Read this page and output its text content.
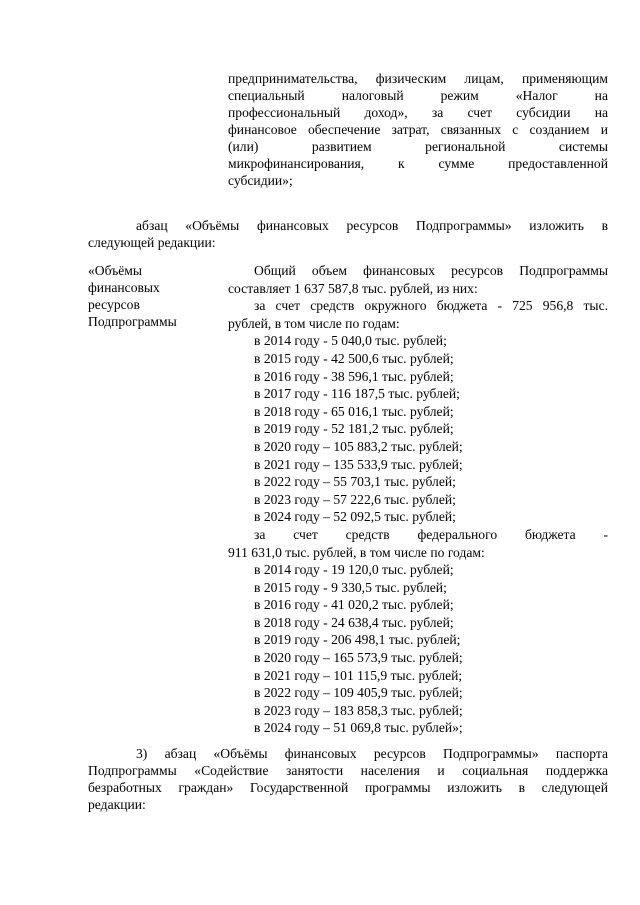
предпринимательства, физическим лицам, применяющим
специальный налоговый режим «Налог на
профессиональный доход», за счет субсидии на
финансовое обеспечение затрат, связанных с созданием и
(или) развитием региональной системы
микрофинансирования, к сумме предоставленной
субсидии»;
абзац «Объёмы финансовых ресурсов Подпрограммы» изложить в
следующей редакции:
«Объёмы
финансовых
ресурсов
Подпрограммы
Общий объем финансовых ресурсов Подпрограммы
составляет 1 637 587,8 тыс. рублей, из них:
за счет средств окружного бюджета - 725 956,8 тыс.
рублей, в том числе по годам:
в 2014 году - 5 040,0 тыс. рублей;
в 2015 году - 42 500,6 тыс. рублей;
в 2016 году - 38 596,1 тыс. рублей;
в 2017 году - 116 187,5 тыс. рублей;
в 2018 году - 65 016,1 тыс. рублей;
в 2019 году - 52 181,2 тыс. рублей;
в 2020 году – 105 883,2 тыс. рублей;
в 2021 году – 135 533,9 тыс. рублей;
в 2022 году – 55 703,1 тыс. рублей;
в 2023 году – 57 222,6 тыс. рублей;
в 2024 году – 52 092,5 тыс. рублей;
за счет средств федерального бюджета -
911 631,0 тыс. рублей, в том числе по годам:
в 2014 году - 19 120,0 тыс. рублей;
в 2015 году - 9 330,5 тыс. рублей;
в 2016 году - 41 020,2 тыс. рублей;
в 2018 году - 24 638,4 тыс. рублей;
в 2019 году - 206 498,1 тыс. рублей;
в 2020 году – 165 573,9 тыс. рублей;
в 2021 году – 101 115,9 тыс. рублей;
в 2022 году – 109 405,9 тыс. рублей;
в 2023 году – 183 858,3 тыс. рублей;
в 2024 году – 51 069,8 тыс. рублей»;
3) абзац «Объёмы финансовых ресурсов Подпрограммы» паспорта
Подпрограммы «Содействие занятости населения и социальная поддержка
безработных граждан» Государственной программы изложить в следующей
редакции:
